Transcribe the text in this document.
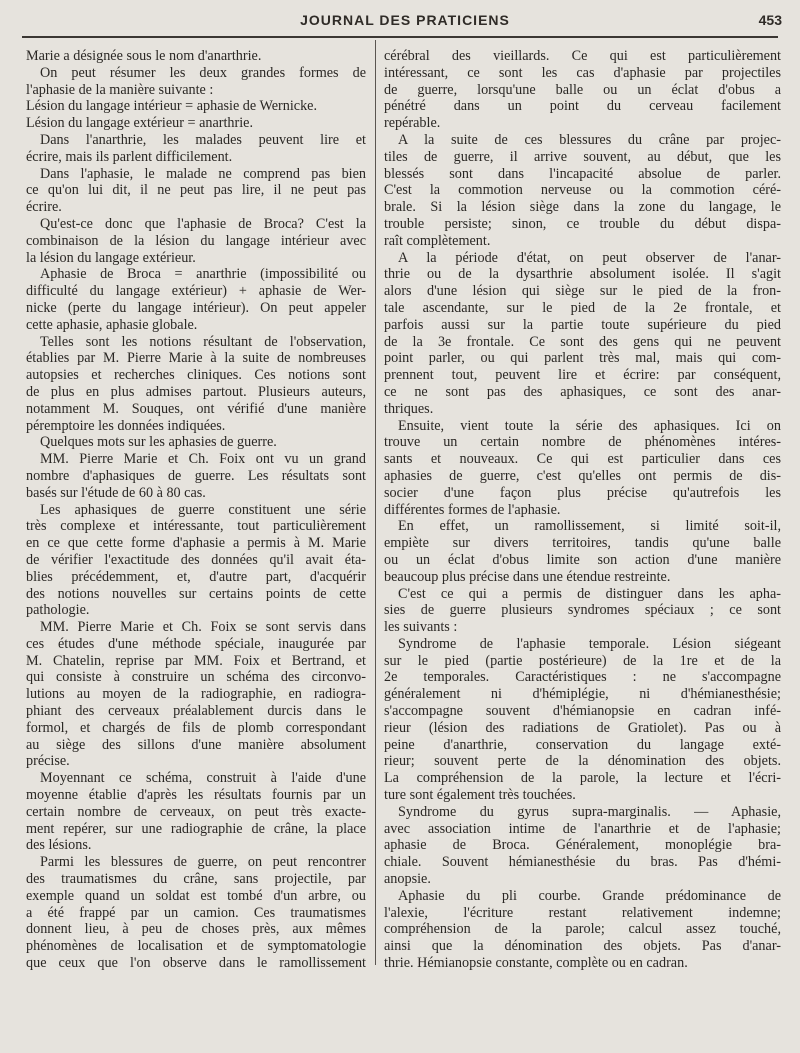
JOURNAL DES PRATICIENS	453
Marie a désignée sous le nom d'anarthrie.
On peut résumer les deux grandes formes de
l'aphasie de la manière suivante :
Lésion du langage intérieur = aphasie de Wernicke.
Lésion du langage extérieur = anarthrie.
Dans l'anarthrie, les malades peuvent lire et
écrire, mais ils parlent difficilement.
Dans l'aphasie, le malade ne comprend pas bien
ce qu'on lui dit, il ne peut pas lire, il ne peut pas
écrire.
Qu'est-ce donc que l'aphasie de Broca? C'est la
combinaison de la lésion du langage intérieur avec
la lésion du langage extérieur.
Aphasie de Broca = anarthrie (impossibilité ou
difficulté du langage extérieur) + aphasie de Wer-
nicke (perte du langage intérieur). On peut appeler
cette aphasie, aphasie globale.
Telles sont les notions résultant de l'observation,
établies par M. Pierre Marie à la suite de nombreuses
autopsies et recherches cliniques. Ces notions sont
de plus en plus admises partout. Plusieurs auteurs,
notamment M. Souques, ont vérifié d'une manière
péremptoire les données indiquées.
Quelques mots sur les aphasies de guerre.
MM. Pierre Marie et Ch. Foix ont vu un grand
nombre d'aphasiques de guerre. Les résultats sont
basés sur l'étude de 60 à 80 cas.
Les aphasiques de guerre constituent une série
très complexe et intéressante, tout particulièrement
en ce que cette forme d'aphasie a permis à M. Marie
de vérifier l'exactitude des données qu'il avait éta-
blies précédemment, et, d'autre part, d'acquérir
des notions nouvelles sur certains points de cette
pathologie.
MM. Pierre Marie et Ch. Foix se sont servis dans
ces études d'une méthode spéciale, inaugurée par
M. Chatelin, reprise par MM. Foix et Bertrand, et
qui consiste à construire un schéma des circonvo-
lutions au moyen de la radiographie, en radiogra-
phiant des cerveaux préalablement durcis dans le
formol, et chargés de fils de plomb correspondant
au siège des sillons d'une manière absolument
précise.
Moyennant ce schéma, construit à l'aide d'une
moyenne établie d'après les résultats fournis par un
certain nombre de cerveaux, on peut très exacte-
ment repérer, sur une radiographie de crâne, la place
des lésions.
Parmi les blessures de guerre, on peut rencontrer
des traumatismes du crâne, sans projectile, par
exemple quand un soldat est tombé d'un arbre, ou
a été frappé par un camion. Ces traumatismes
donnent lieu, à peu de choses près, aux mêmes
phénomènes de localisation et de symptomatologie
que ceux que l'on observe dans le ramollissement
cérébral des vieillards. Ce qui est particulièrement
intéressant, ce sont les cas d'aphasie par projectiles
de guerre, lorsqu'une balle ou un éclat d'obus a
pénétré dans un point du cerveau facilement
repérable.
A la suite de ces blessures du crâne par projec-
tiles de guerre, il arrive souvent, au début, que les
blessés sont dans l'incapacité absolue de parler.
C'est la commotion nerveuse ou la commotion céré-
brale. Si la lésion siège dans la zone du langage, le
trouble persiste; sinon, ce trouble du début dispa-
raît complètement.
A la période d'état, on peut observer de l'anar-
thrie ou de la dysarthrie absolument isolée. Il s'agit
alors d'une lésion qui siège sur le pied de la fron-
tale ascendante, sur le pied de la 2e frontale, et
parfois aussi sur la partie toute supérieure du pied
de la 3e frontale. Ce sont des gens qui ne peuvent
point parler, ou qui parlent très mal, mais qui com-
prennent tout, peuvent lire et écrire: par conséquent,
ce ne sont pas des aphasiques, ce sont des anar-
thriques.
Ensuite, vient toute la série des aphasiques. Ici on
trouve un certain nombre de phénomènes intéres-
sants et nouveaux. Ce qui est particulier dans ces
aphasies de guerre, c'est qu'elles ont permis de dis-
socier d'une façon plus précise qu'autrefois les
différentes formes de l'aphasie.
En effet, un ramollissement, si limité soit-il,
empiète sur divers territoires, tandis qu'une balle
ou un éclat d'obus limite son action d'une manière
beaucoup plus précise dans une étendue restreinte.
C'est ce qui a permis de distinguer dans les apha-
sies de guerre plusieurs syndromes spéciaux ; ce sont
les suivants :
Syndrome de l'aphasie temporale. Lésion siégeant
sur le pied (partie postérieure) de la 1re et de la
2e temporales. Caractéristiques : ne s'accompagne
généralement ni d'hémiplégie, ni d'hémianesthésie;
s'accompagne souvent d'hémianopsie en cadran infé-
rieur (lésion des radiations de Gratiolet). Pas ou à
peine d'anarthrie, conservation du langage exté-
rieur; souvent perte de la dénomination des objets.
La compréhension de la parole, la lecture et l'écri-
ture sont également très touchées.
Syndrome du gyrus supra-marginalis. — Aphasie,
avec association intime de l'anarthrie et de l'aphasie;
aphasie de Broca. Généralement, monoplégie bra-
chiale. Souvent hémianesthésie du bras. Pas d'hémi-
anopsie.
Aphasie du pli courbe. Grande prédominance de
l'alexie, l'écriture restant relativement indemne;
compréhension de la parole; calcul assez touché,
ainsi que la dénomination des objets. Pas d'anar-
thrie. Hémianopsie constante, complète ou en cadran.
